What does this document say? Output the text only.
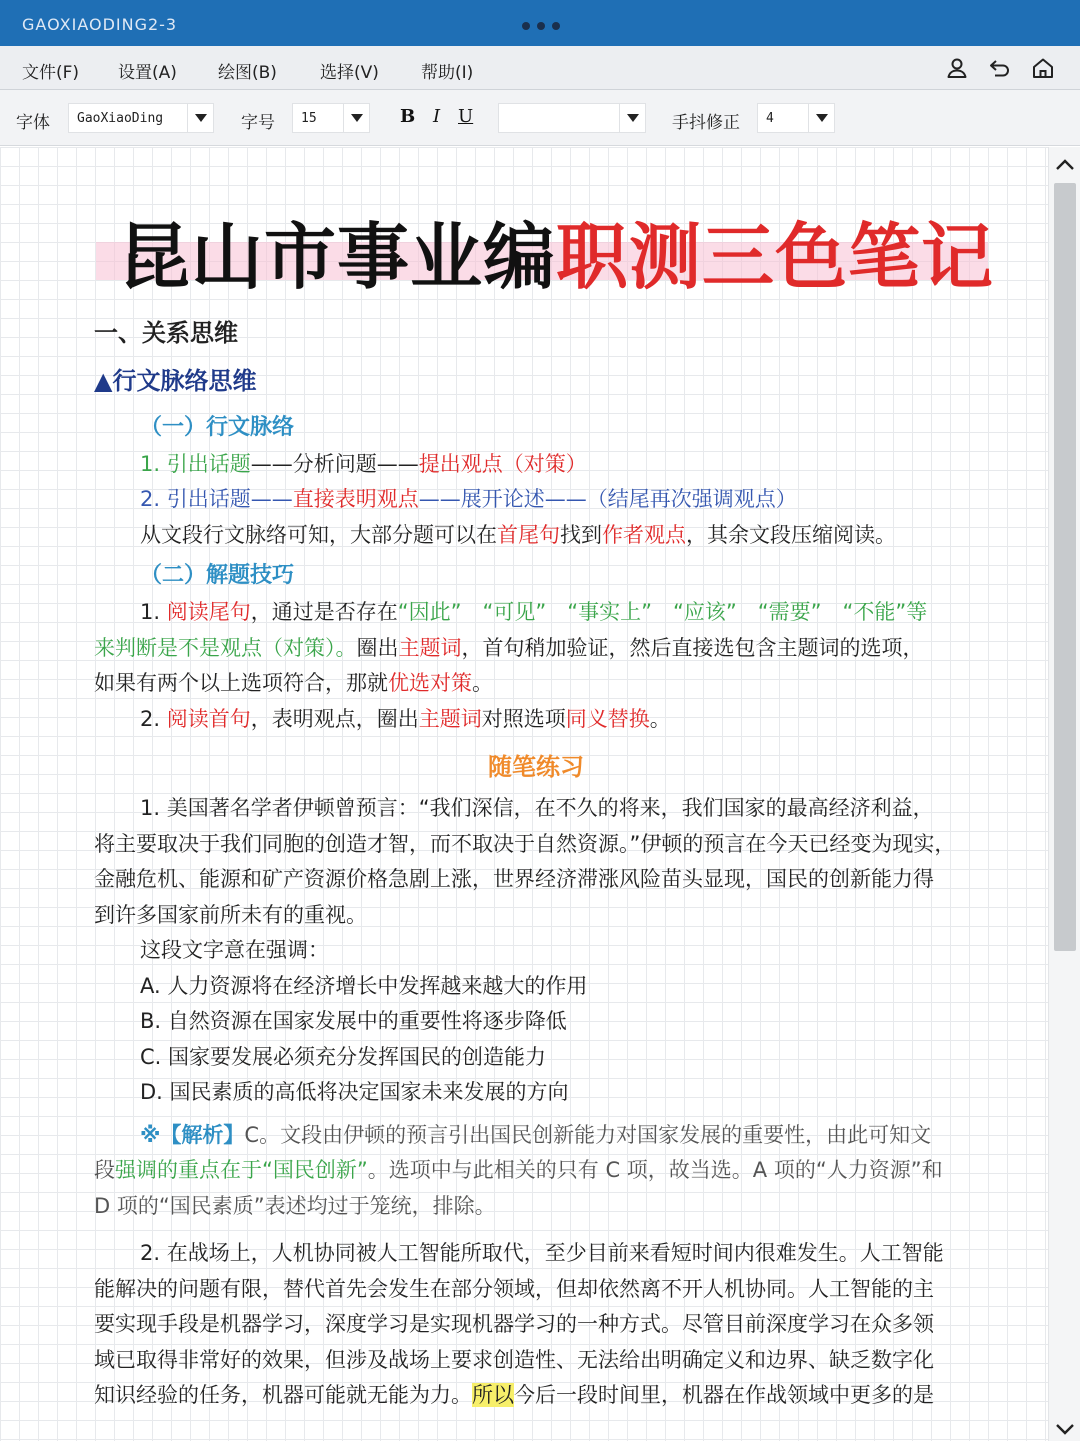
GAOXIAODING2-3
文件(F) 设置(A) 绘图(B)	选择(V) 帮助(I)
字体	GaoXiaoDing	字号	15	B I U	手抖修正	4
昆山市事业编职测三色笔记
一、关系思维
▲行文脉络思维
（一）行文脉络
1. 引出话题——分析问题——提出观点（对策）
2. 引出话题——直接表明观点——展开论述——（结尾再次强调观点）
从文段行文脉络可知，大部分题可以在首尾句找到作者观点，其余文段压缩阅读。
（二）解题技巧
1. 阅读尾句，通过是否存在“因此”　“可见”　“事实上”　“应该”　“需要”　“不能”等
来判断是不是观点（对策）。圈出主题词，首句稍加验证，然后直接选包含主题词的选项，
如果有两个以上选项符合，那就优选对策。
2. 阅读首句，表明观点，圈出主题词对照选项同义替换。
随笔练习
1. 美国著名学者伊顿曾预言：“我们深信，在不久的将来，我们国家的最高经济利益，
将主要取决于我们同胞的创造才智，而不取决于自然资源。”伊顿的预言在今天已经变为现实，
金融危机、能源和矿产资源价格急剧上涨，世界经济滞涨风险苗头显现，国民的创新能力得
到许多国家前所未有的重视。
这段文字意在强调：
A. 人力资源将在经济增长中发挥越来越大的作用
B. 自然资源在国家发展中的重要性将逐步降低
C. 国家要发展必须充分发挥国民的创造能力
D. 国民素质的高低将决定国家未来发展的方向
※【解析】C。文段由伊顿的预言引出国民创新能力对国家发展的重要性，由此可知文
段强调的重点在于“国民创新”。选项中与此相关的只有 C 项，故当选。A 项的“人力资源”和
D 项的“国民素质”表述均过于笼统，排除。
2. 在战场上，人机协同被人工智能所取代，至少目前来看短时间内很难发生。人工智能
能解决的问题有限，替代首先会发生在部分领域，但却依然离不开人机协同。人工智能的主
要实现手段是机器学习，深度学习是实现机器学习的一种方式。尽管目前深度学习在众多领
域已取得非常好的效果，但涉及战场上要求创造性、无法给出明确定义和边界、缺乏数字化
知识经验的任务，机器可能就无能为力。所以今后一段时间里，机器在作战领域中更多的是
